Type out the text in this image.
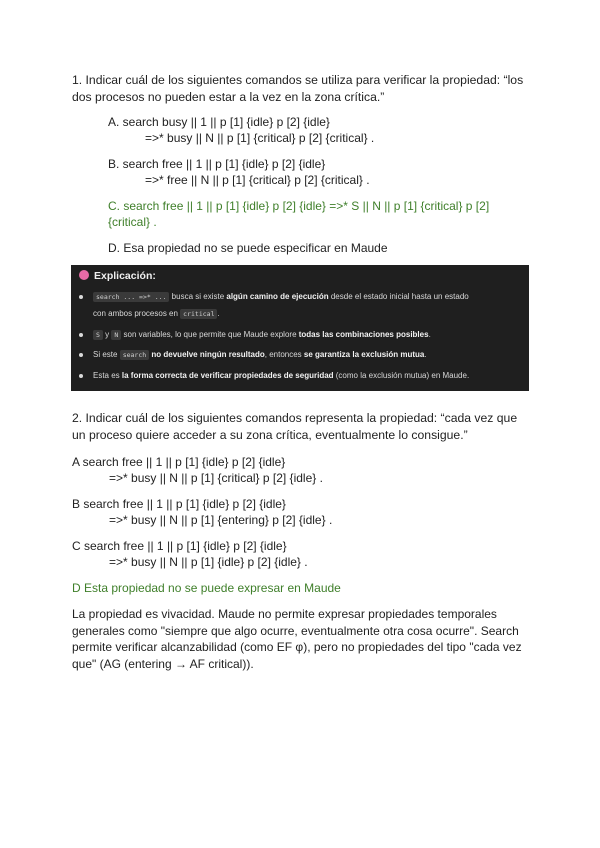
1. Indicar cuál de los siguientes comandos se utiliza para verificar la propiedad: “los dos procesos no pueden estar a la vez en la zona crítica.”
A. search busy || 1 || p [1] {idle} p [2] {idle}
=>* busy || N || p [1] {critical} p [2] {critical} .
B. search free || 1 || p [1] {idle} p [2] {idle}
=>* free || N || p [1] {critical} p [2] {critical} .
C. search free || 1 || p [1] {idle} p [2] {idle} =>* S || N || p [1] {critical} p [2] {critical} .
D. Esa propiedad no se puede especificar en Maude
Explicación:
search ... =>* ... busca si existe algún camino de ejecución desde el estado inicial hasta un estado
con ambos procesos en critical .
S y N son variables, lo que permite que Maude explore todas las combinaciones posibles.
Si este search no devuelve ningún resultado, entonces se garantiza la exclusión mutua.
Esta es la forma correcta de verificar propiedades de seguridad (como la exclusión mutua) en Maude.
2. Indicar cuál de los siguientes comandos representa la propiedad: “cada vez que un proceso quiere acceder a su zona crítica, eventualmente lo consigue.”
A search free || 1 || p [1] {idle} p [2] {idle}
=>* busy || N || p [1] {critical} p [2] {idle} .
B search free || 1 || p [1] {idle} p [2] {idle}
=>* busy || N || p [1] {entering} p [2] {idle} .
C search free || 1 || p [1] {idle} p [2] {idle}
=>* busy || N || p [1] {idle} p [2] {idle} .
D Esta propiedad no se puede expresar en Maude
La propiedad es vivacidad. Maude no permite expresar propiedades temporales generales como "siempre que algo ocurre, eventualmente otra cosa ocurre". Search permite verificar alcanzabilidad (como EF φ), pero no propiedades del tipo "cada vez que" (AG (entering → AF critical)).
